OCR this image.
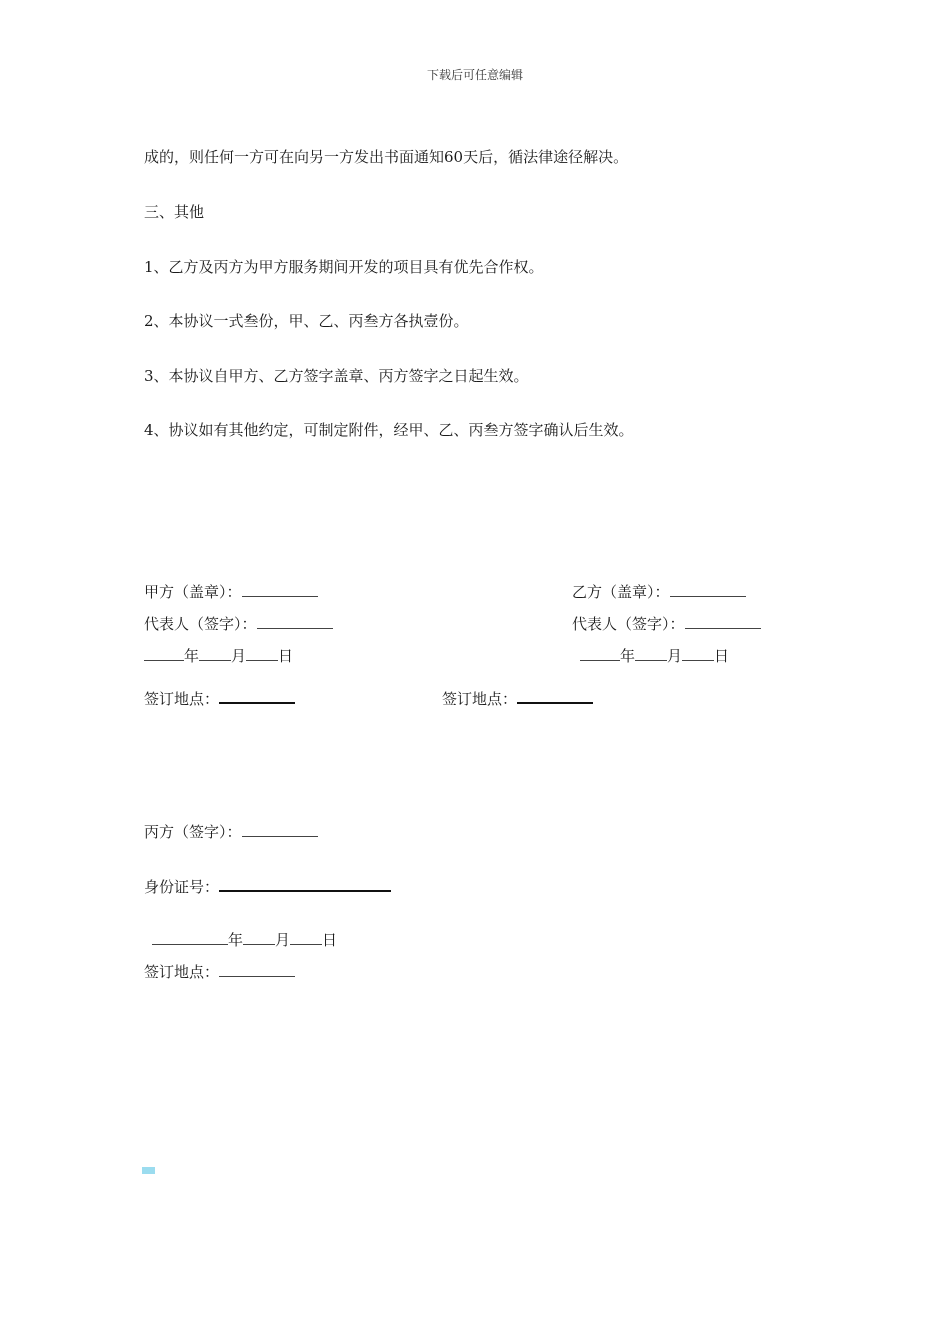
下载后可任意编辑
成的，则任何一方可在向另一方发出书面通知60天后，循法律途径解决。
三、其他
1、乙方及丙方为甲方服务期间开发的项目具有优先合作权。
2、本协议一式叁份，甲、乙、丙叁方各执壹份。
3、本协议自甲方、乙方签字盖章、丙方签字之日起生效。
4、协议如有其他约定，可制定附件，经甲、乙、丙叁方签字确认后生效。
甲方（盖章）：
代表人（签字）：
年 月 日
签订地点：
乙方（盖章）：
代表人（签字）：
年 月 日
签订地点：
丙方（签字）：
身份证号：
年 月 日
签订地点：
